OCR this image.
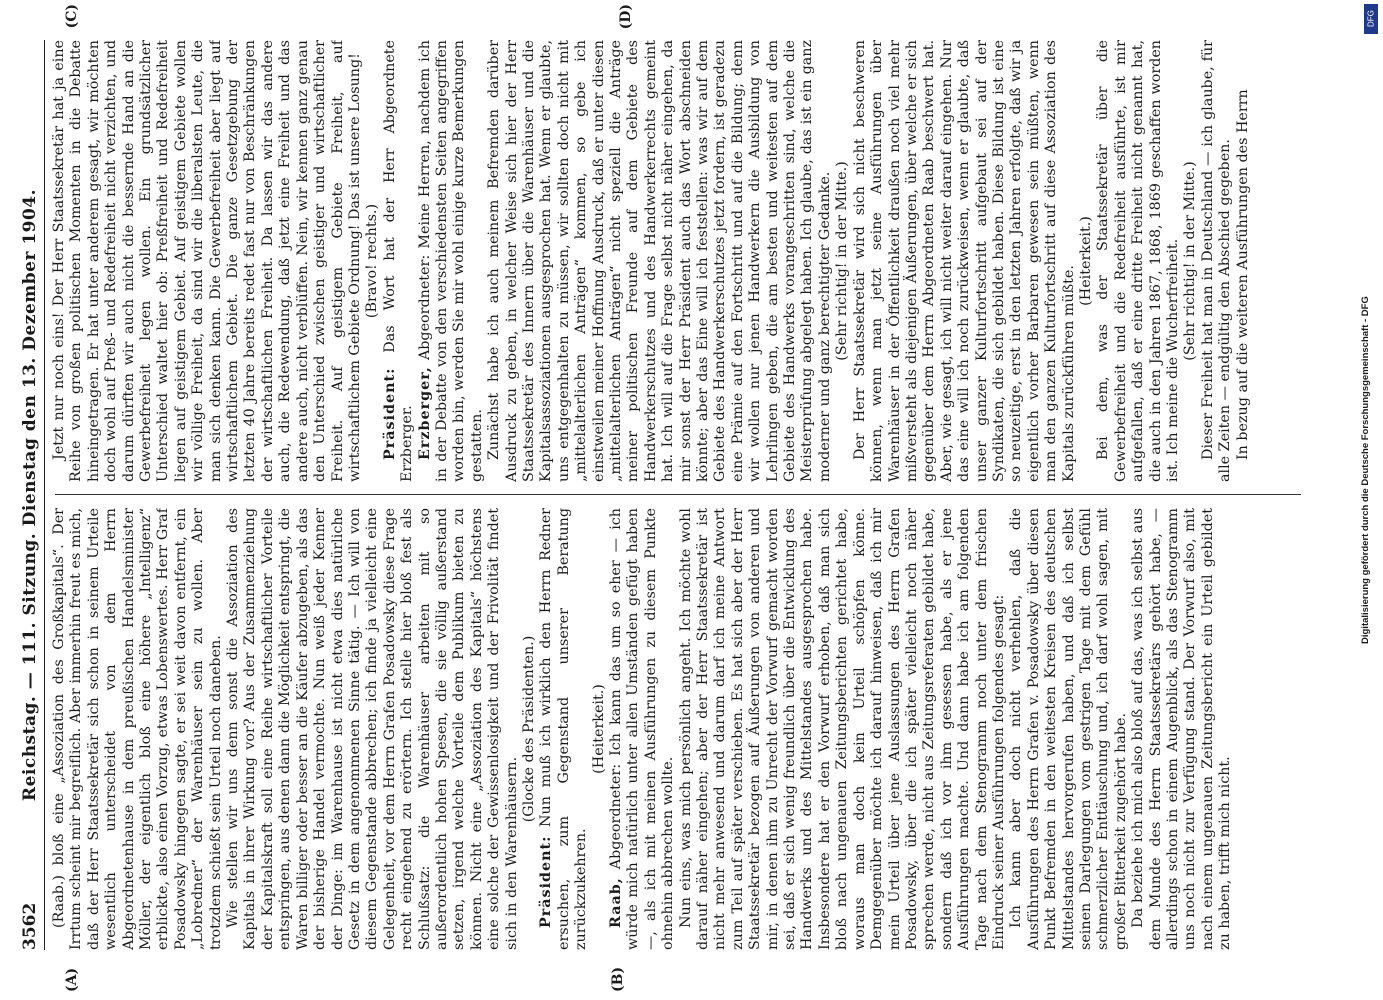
3562
Reichstag. — 111. Sitzung. Dienstag den 13. Dezember 1904. (Raab.) bloß eine „Assoziation des Großkapitals“. Der Irrtum scheint mir begreiflich. Aber immerhin freut es mich, daß der Herr Staatssekretär sich schon in seinem Urteile wesentlich unterscheidet von dem Herrn Abgeordnetenhause in dem preußischen Handelsminister Möller, der eigentlich bloß eine höhere „Intelligenz“ erblickte, also einen Vorzug, etwas Lobenswertes. Herr Graf Posadowsky hingegen sagte, er sei weit davon entfernt, ein „Lobredner“ der Warenhäuser sein zu wollen. Aber trotzdem schießt sein Urteil noch daneben. Wie stellen wir uns denn sonst die Assoziation des Kapitals in ihrer Wirkung vor? Aus der Zusammenziehung der Kapitalskraft soll eine Reihe wirtschaftlicher Vorteile entspringen, aus denen dann die Möglichkeit entspringt, die Waren billiger oder besser an die Käufer abzugeben, als das der bisherige Handel vermochte. Nun weiß jeder Kenner der Dinge: im Warenhause ist nicht etwa dies natürliche Gesetz in dem angenommenen Sinne tätig. — Ich will von diesem Gegenstande abbrechen; ich finde ja vielleicht eine Gelegenheit, vor dem Herrn Grafen Posadowsky diese Frage recht eingehend zu erörtern. Ich stelle hier bloß fest als Schlußsatz: die Warenhäuser arbeiten mit so außerordentlich hohen Spesen, die sie völlig außerstand setzen, irgend welche Vorteile dem Publikum bieten zu können. Nicht eine „Assoziation des Kapitals“ höchstens eine solche der Gewissenlosigkeit und der Frivolität findet sich in den Warenhäusern.

(Glocke des Präsidenten.)

Präsident: Nun muß ich wirklich den Herrn Redner ersuchen, zum Gegenstand unserer Beratung zurückzukehren.

(Heiterkeit.)

Raab, Abgeordneter: Ich kann das um so eher — ich würde mich natürlich unter allen Umständen gefügt haben —, als ich mit meinen Ausführungen zu diesem Punkte ohnehin abbrechen wollte. Nun eins, was mich persönlich angeht. Ich möchte wohl darauf näher eingehen; aber der Herr Staatssekretär ist nicht mehr anwesend und darum darf ich meine Antwort zum Teil auf später verschieben. Es hat sich aber der Herr Staatssekretär bezogen auf Äußerungen von anderen und mir, in denen ihm zu Unrecht der Vorwurf gemacht worden sei, daß er sich wenig freundlich über die Entwicklung des Handwerks und des Mittelstandes ausgesprochen habe. Insbesondere hat er den Vorwurf erhoben, daß man sich bloß nach ungenauen Zeitungsberichten gerichtet habe, woraus man doch kein Urteil schöpfen könne. Demgegenüber möchte ich darauf hinweisen, daß ich mir mein Urteil über jene Auslassungen des Herrn Grafen Posadowsky, über die ich später vielleicht noch näher sprechen werde, nicht aus Zeitungsreferaten gebildet habe, sondern daß ich vor ihm gesessen habe, als er jene Ausführungen machte. Und dann habe ich am folgenden Tage nach dem Stenogramm noch unter dem frischen Eindruck seiner Ausführungen folgendes gesagt: Ich kann aber doch nicht verhehlen, daß die Ausführungen des Herrn Grafen v. Posadowsky über diesen Punkt Befremden in den weitesten Kreisen des deutschen Mittelstandes hervorgerufen haben, und daß ich selbst seinen Darlegungen vom gestrigen Tage mit dem Gefühl schmerzlicher Enttäuschung und, ich darf wohl sagen, mit großer Bitterkeit zugehört habe. Da beziehe ich mich also bloß auf das, was ich selbst aus dem Munde des Herrn Staatssekretärs gehört habe, — allerdings schon in einem Augenblick, als das Stenogramm uns noch nicht zur Verfügung stand. Der Vorwurf also, mit nach einem ungenauen Zeitungsbericht ein Urteil gebildet zu haben, trifft mich nicht.

Jetzt nur noch eins! Der Herr Staatssekretär hat ja eine Reihe von großen politischen Momenten in die Debatte hineingetragen. Er hat unter anderem gesagt, wir möchten doch wohl auf Preß- und Redefreiheit nicht verzichten, und darum dürften wir auch nicht die bessernde Hand an die Gewerbefreiheit legen wollen. Ein grundsätzlicher Unterschied waltet hier ob: Preßfreiheit und Redefreiheit liegen auf geistigem Gebiet. Auf geistigem Gebiete wollen wir völlige Freiheit, da sind wir die liberalsten Leute, die man sich denken kann. Die Gewerbefreiheit aber liegt auf wirtschaftlichem Gebiet. Die ganze Gesetzgebung der letzten 40 Jahre bereits redet fast nur von Beschränkungen der wirtschaftlichen Freiheit. Da lassen wir das andere auch, die Redewendung, daß jetzt eine Freiheit und das andere auch, nicht verblüffen. Nein, wir kennen ganz genau den Unterschied zwischen geistiger und wirtschaftlicher Freiheit. Auf geistigem Gebiete Freiheit, auf wirtschaftlichem Gebiete Ordnung! Das ist unsere Losung! (Bravo! rechts.)

Präsident: Das Wort hat der Herr Abgeordnete Erzberger. Erzberger, Abgeordneter: Meine Herren, nachdem ich in der Debatte von den verschiedensten Seiten angegriffen worden bin, werden Sie mir wohl einige kurze Bemerkungen gestatten. Zunächst habe ich auch meinem Befremden darüber Ausdruck zu geben, in welcher Weise sich hier der Herr Staatssekretär des Innern über die Warenhäuser und die Kapitalsassoziationen ausgesprochen hat. Wenn er glaubte, uns entgegenhalten zu müssen, wir sollten doch nicht mit „mittelalterlichen Anträgen“ kommen, so gebe ich einstweilen meiner Hoffnung Ausdruck, daß er unter diesen „mittelalterlichen Anträgen“ nicht speziell die Anträge meiner politischen Freunde auf dem Gebiete des Handwerkerschutzes und des Handwerkerrechts gemeint hat. Ich will auf die Frage selbst nicht näher eingehen, da mir sonst der Herr Präsident auch das Wort abschneiden könnte; aber das Eine will ich feststellen: was wir auf dem Gebiete des Handwerkerschutzes jetzt fordern, ist geradezu eine Prämie auf den Fortschritt und auf die Bildung; denn wir wollen nur jenen Handwerkern die Ausbildung von Lehrlingen geben, die am besten und weitesten auf dem Gebiete des Handwerks vorangeschritten sind, welche die Meisterprüfung abgelegt haben. Ich glaube, das ist ein ganz moderner und ganz berechtigter Gedanke. (Sehr richtig! in der Mitte.) Der Herr Staatssekretär wird sich nicht beschweren können, wenn man jetzt seine Ausführungen über Warenhäuser in der Öffentlichkeit draußen noch viel mehr mißversteht als diejenigen Äußerungen, über welche er sich gegenüber dem Herrn Abgeordneten Raab beschwert hat. Aber, wie gesagt, ich will nicht weiter darauf eingehen. Nur das eine will ich noch zurückweisen, wenn er glaubte, daß unser ganzer Kulturfortschritt aufgebaut sei auf der Syndikaten, die sich gebildet haben. Diese Bildung ist eine so neuzeitige, erst in den letzten Jahren erfolgte, daß wir ja eigentlich vorher Barbaren gewesen sein müßten, wenn man den ganzen Kulturfortschritt auf diese Assoziation des Kapitals zurückführen müßte.

(Heiterkeit.) Bei dem, was der Staatssekretär über die Gewerbefreiheit und die Redefreiheit ausführte, ist mir aufgefallen, daß er eine dritte Freiheit nicht genannt hat, die auch in den Jahren 1867, 1868, 1869 geschaffen worden ist. Ich meine die Wucherfreiheit. (Sehr richtig! in der Mitte.) Dieser Freiheit hat man in Deutschland — ich glaube, für alle Zeiten — endgültig den Abschied gegeben. In bezug auf die weiteren Ausführungen des Herrn

(A)	(B)
(C)	(D)
Digitalisierung gefördert durch die Deutsche Forschungsgemeinschaft - DFG
DFG
